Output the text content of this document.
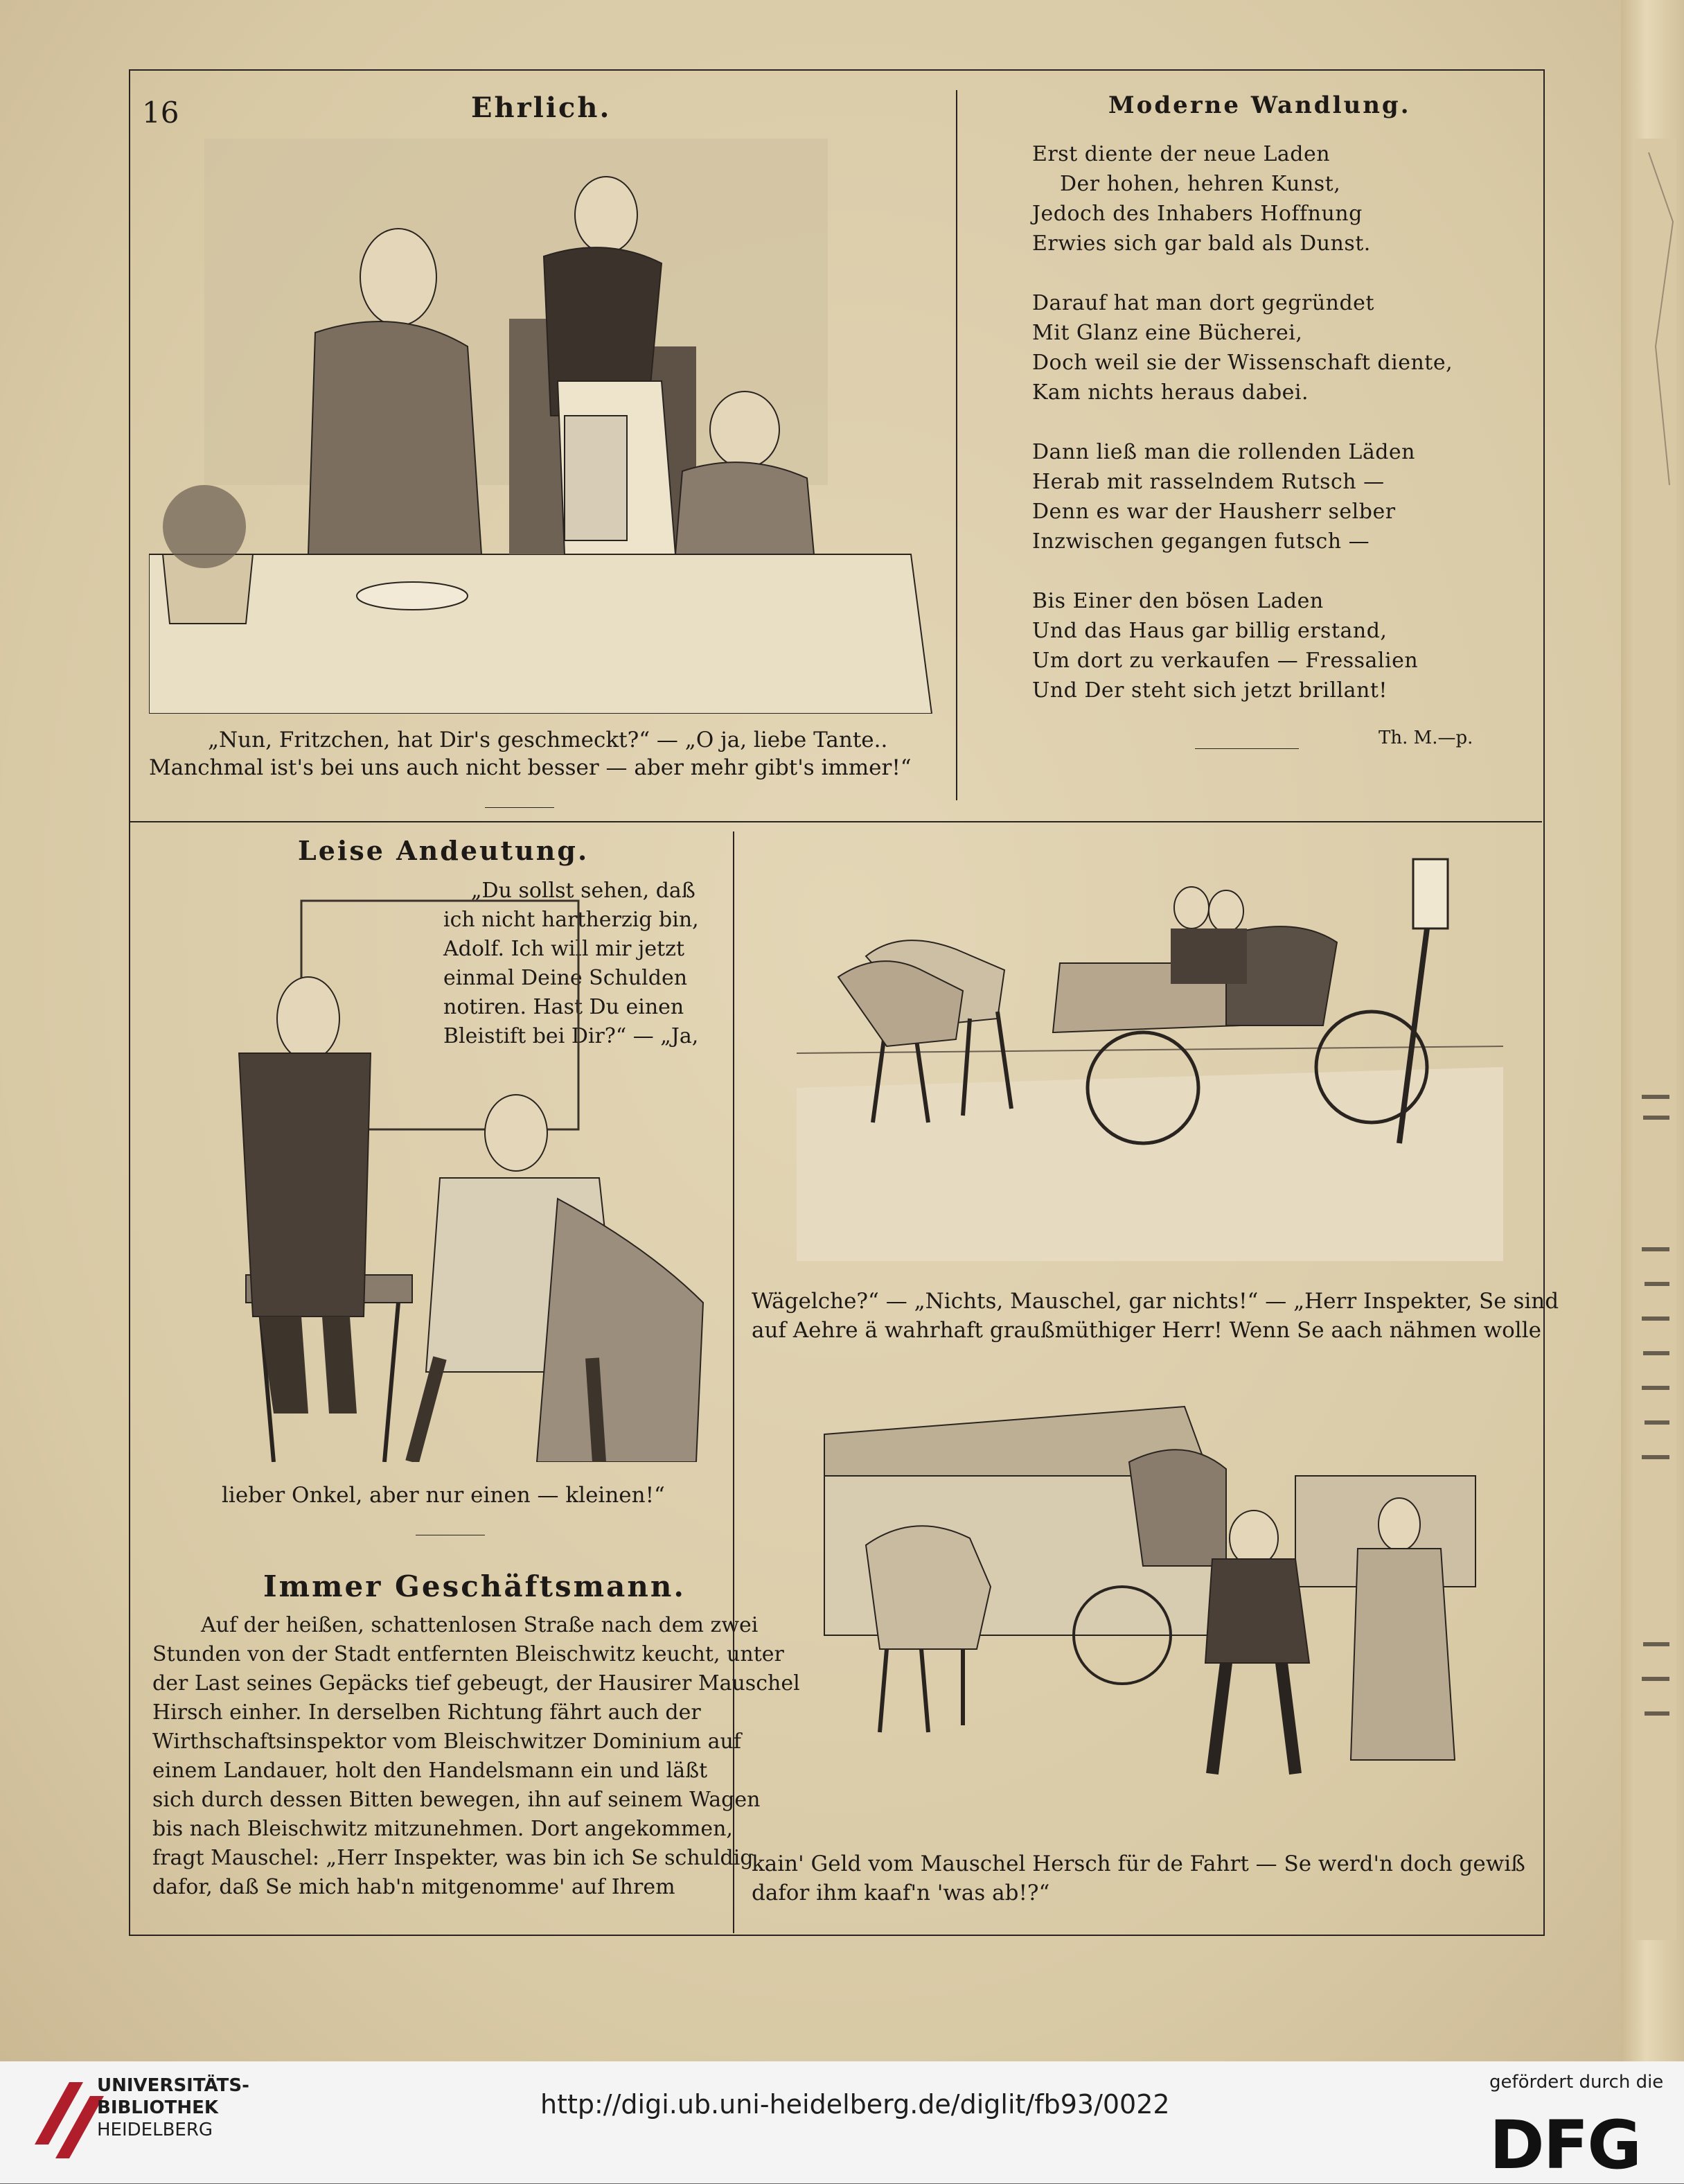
16	Ehrlich.
„Nun, Fritzchen, hat Dir's geschmeckt?“ — „O ja, liebe Tante..
Manchmal ist's bei uns auch nicht besser — aber mehr gibt's immer!“
Moderne Wandlung.
Erst diente der neue Laden
Der hohen, hehren Kunst,
Jedoch des Inhabers Hoffnung
Erwies sich gar bald als Dunst.
Darauf hat man dort gegründet
Mit Glanz eine Bücherei,
Doch weil sie der Wissenschaft diente,
Kam nichts heraus dabei.
Dann ließ man die rollenden Läden
Herab mit rasselndem Rutsch —
Denn es war der Hausherr selber
Inzwischen gegangen futsch —
Bis Einer den bösen Laden
Und das Haus gar billig erstand,
Um dort zu verkaufen — Fressalien
Und Der steht sich jetzt brillant!
Th. M.—p.
Leise Andeutung.
„Du sollst sehen, daß
ich nicht hartherzig bin,
Adolf. Ich will mir jetzt
einmal Deine Schulden
notiren. Hast Du einen
Bleistift bei Dir?“ — „Ja,
lieber Onkel, aber nur einen — kleinen!“
Immer Geschäftsmann.
Auf der heißen, schattenlosen Straße nach dem zwei
Stunden von der Stadt entfernten Bleischwitz keucht, unter
der Last seines Gepäcks tief gebeugt, der Hausirer Mauschel
Hirsch einher. In derselben Richtung fährt auch der
Wirthschaftsinspektor vom Bleischwitzer Dominium auf
einem Landauer, holt den Handelsmann ein und läßt
sich durch dessen Bitten bewegen, ihn auf seinem Wagen
bis nach Bleischwitz mitzunehmen. Dort angekommen,
fragt Mauschel: „Herr Inspekter, was bin ich Se schuldig
dafor, daß Se mich hab'n mitgenomme' auf Ihrem
Wägelche?“ — „Nichts, Mauschel, gar nichts!“ — „Herr Inspekter, Se sind
auf Aehre ä wahrhaft graußmüthiger Herr! Wenn Se aach nähmen wolle
kain' Geld vom Mauschel Hersch für de Fahrt — Se werd'n doch gewiß
dafor ihm kaaf'n 'was ab!?“
UNIVERSITÄTS-
BIBLIOTHEK
HEIDELBERG
http://digi.ub.uni-heidelberg.de/diglit/fb93/0022
gefördert durch die
DFG
